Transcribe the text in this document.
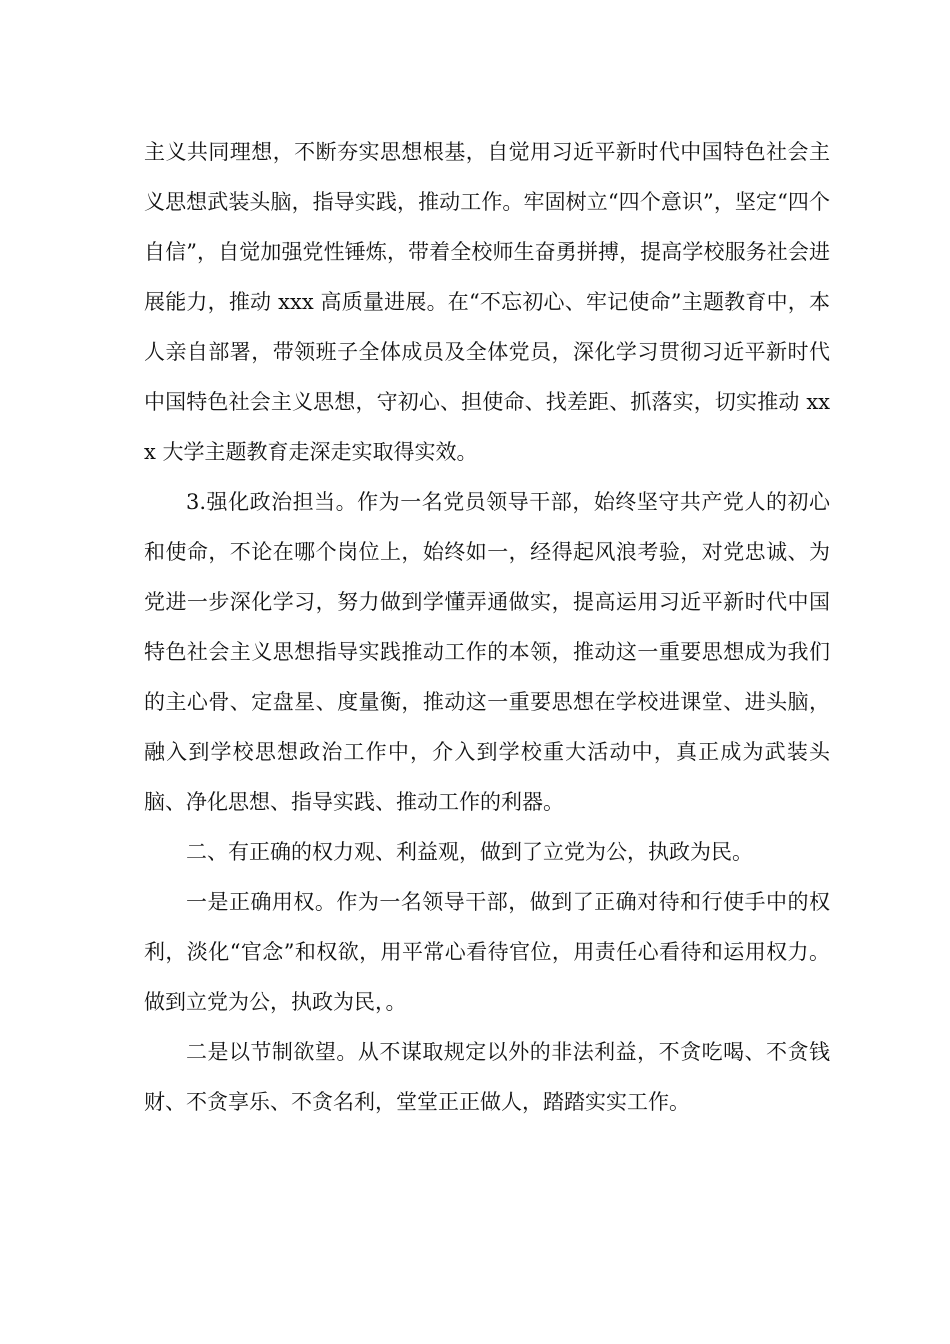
主义共同理想，不断夯实思想根基，自觉用习近平新时代中国特色社会主义思想武装头脑，指导实践，推动工作。牢固树立“四个意识”，坚定“四个自信”，自觉加强党性锤炼，带着全校师生奋勇拼搏，提高学校服务社会进展能力，推动 xxx 高质量进展。在“不忘初心、牢记使命”主题教育中，本人亲自部署，带领班子全体成员及全体党员，深化学习贯彻习近平新时代中国特色社会主义思想，守初心、担使命、找差距、抓落实，切实推动 xxx 大学主题教育走深走实取得实效。

3.强化政治担当。作为一名党员领导干部，始终坚守共产党人的初心和使命，不论在哪个岗位上，始终如一，经得起风浪考验，对党忠诚、为党进一步深化学习，努力做到学懂弄通做实，提高运用习近平新时代中国特色社会主义思想指导实践推动工作的本领，推动这一重要思想成为我们的主心骨、定盘星、度量衡，推动这一重要思想在学校进课堂、进头脑，融入到学校思想政治工作中，介入到学校重大活动中，真正成为武装头脑、净化思想、指导实践、推动工作的利器。

二、有正确的权力观、利益观，做到了立党为公，执政为民。

一是正确用权。作为一名领导干部，做到了正确对待和行使手中的权利，淡化“官念”和权欲，用平常心看待官位，用责任心看待和运用权力。做到立党为公，执政为民，。

二是以节制欲望。从不谋取规定以外的非法利益，不贪吃喝、不贪钱财、不贪享乐、不贪名利，堂堂正正做人，踏踏实实工作。
